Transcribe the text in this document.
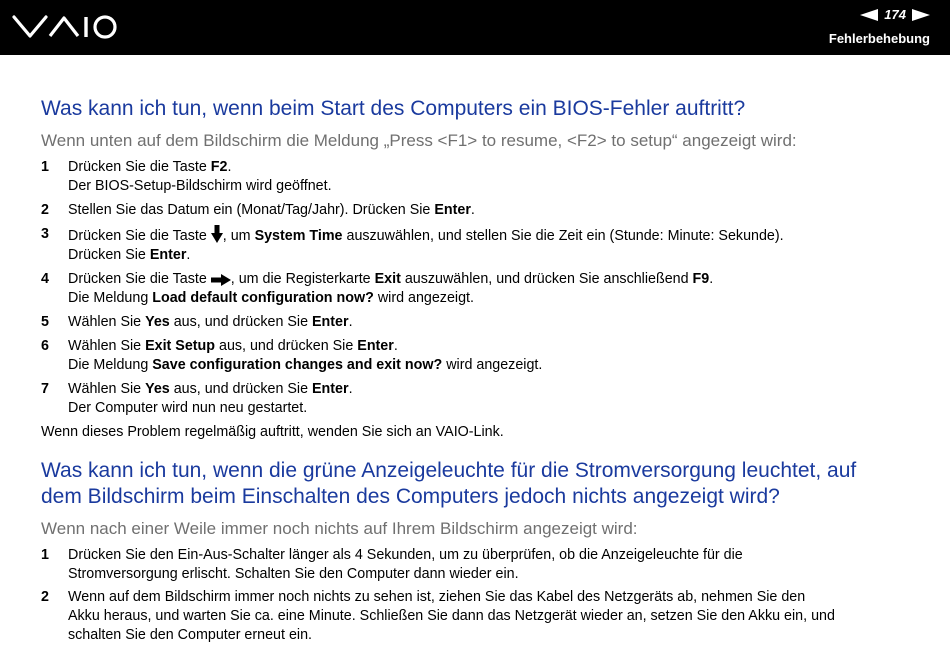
174
Fehlerbehebung
Was kann ich tun, wenn beim Start des Computers ein BIOS-Fehler auftritt?

Wenn unten auf dem Bildschirm die Meldung „Press <F1> to resume, <F2> to setup“ angezeigt wird:

1 Drücken Sie die Taste F2.
Der BIOS-Setup-Bildschirm wird geöffnet.
2 Stellen Sie das Datum ein (Monat/Tag/Jahr). Drücken Sie Enter.
3 Drücken Sie die Taste , um System Time auszuwählen, und stellen Sie die Zeit ein (Stunde: Minute: Sekunde).
Drücken Sie Enter.
4 Drücken Sie die Taste , um die Registerkarte Exit auszuwählen, und drücken Sie anschließend F9.
Die Meldung Load default configuration now? wird angezeigt.
5 Wählen Sie Yes aus, und drücken Sie Enter.
6 Wählen Sie Exit Setup aus, und drücken Sie Enter.
Die Meldung Save configuration changes and exit now? wird angezeigt.
7 Wählen Sie Yes aus, und drücken Sie Enter.
Der Computer wird nun neu gestartet.

Wenn dieses Problem regelmäßig auftritt, wenden Sie sich an VAIO-Link.

Was kann ich tun, wenn die grüne Anzeigeleuchte für die Stromversorgung leuchtet, auf
dem Bildschirm beim Einschalten des Computers jedoch nichts angezeigt wird?

Wenn nach einer Weile immer noch nichts auf Ihrem Bildschirm angezeigt wird:

1 Drücken Sie den Ein-Aus-Schalter länger als 4 Sekunden, um zu überprüfen, ob die Anzeigeleuchte für die
Stromversorgung erlischt. Schalten Sie den Computer dann wieder ein.
2 Wenn auf dem Bildschirm immer noch nichts zu sehen ist, ziehen Sie das Kabel des Netzgeräts ab, nehmen Sie den
Akku heraus, und warten Sie ca. eine Minute. Schließen Sie dann das Netzgerät wieder an, setzen Sie den Akku ein, und
schalten Sie den Computer erneut ein.
